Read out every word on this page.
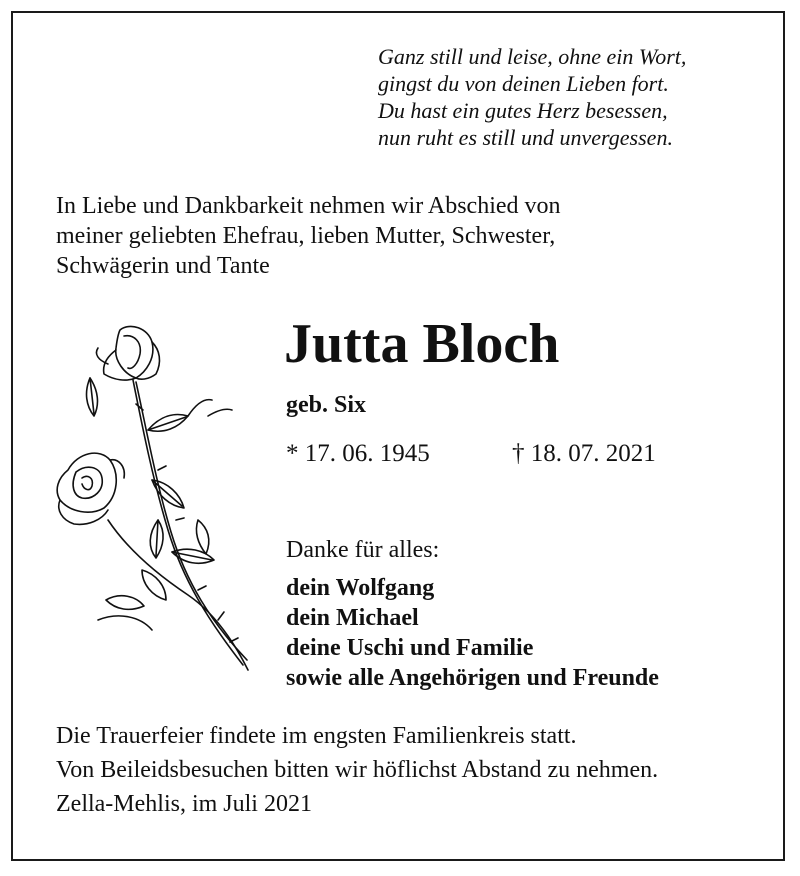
Ganz still und leise, ohne ein Wort,
gingst du von deinen Lieben fort.
Du hast ein gutes Herz besessen,
nun ruht es still und unvergessen.
In Liebe und Dankbarkeit nehmen wir Abschied von
meiner geliebten Ehefrau, lieben Mutter, Schwester,
Schwägerin und Tante
Jutta Bloch
geb. Six
* 17. 06. 1945	† 18. 07. 2021
Danke für alles:
dein Wolfgang
dein Michael
deine Uschi und Familie
sowie alle Angehörigen und Freunde
Die Trauerfeier findete im engsten Familienkreis statt.
Von Beileidsbesuchen bitten wir höflichst Abstand zu nehmen.
Zella-Mehlis, im Juli 2021
